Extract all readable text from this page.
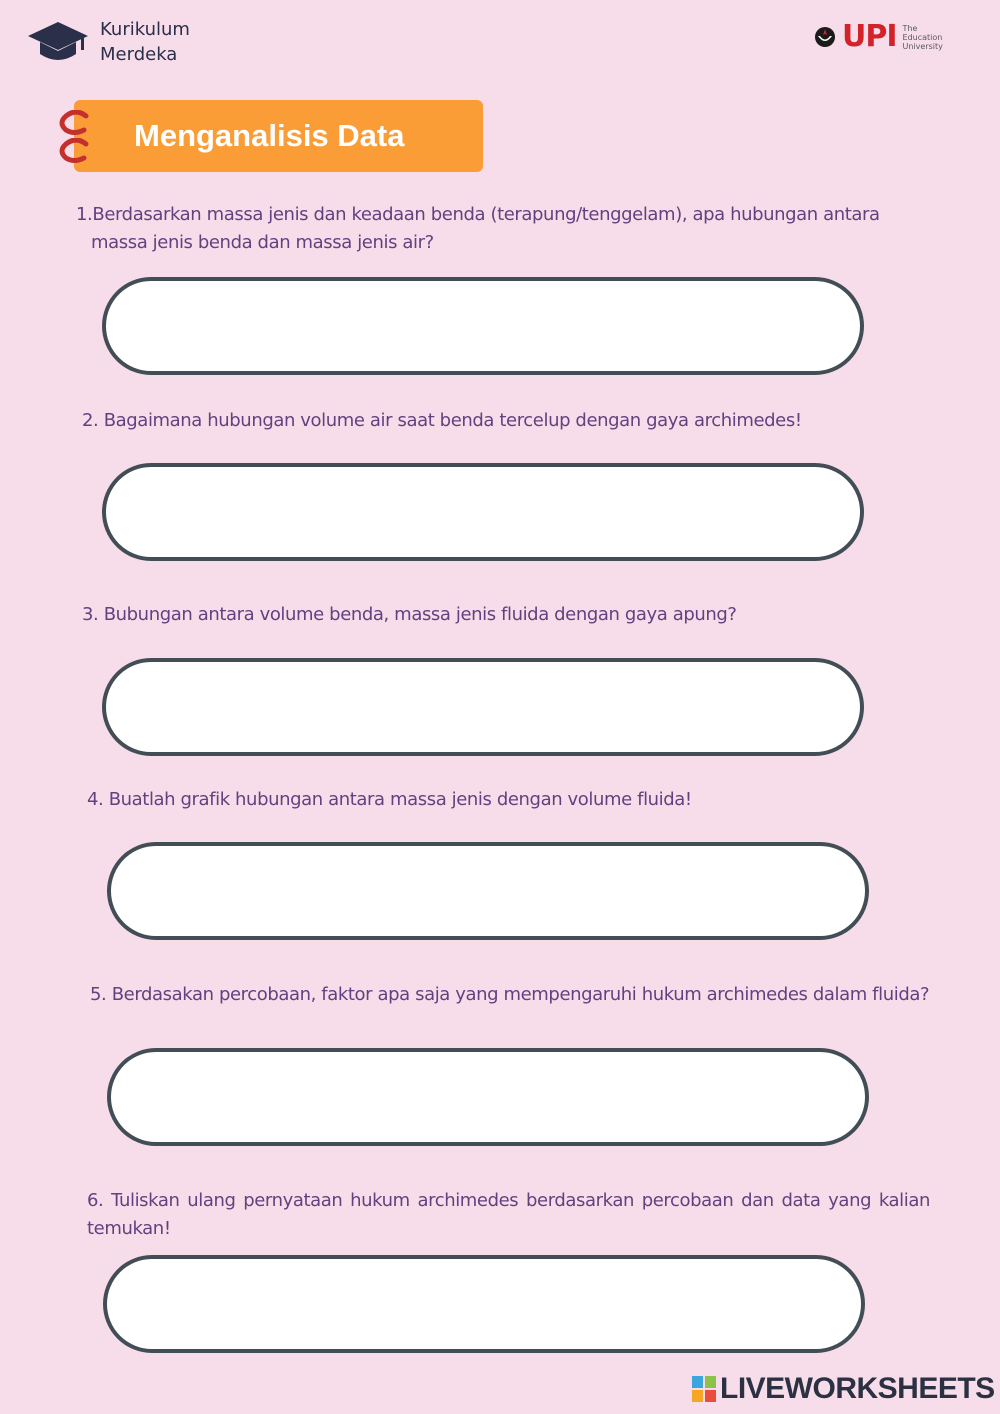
Kurikulum
Merdeka
UPI The
Education
University
Menganalisis Data
1.Berdasarkan massa jenis dan keadaan benda (terapung/tenggelam), apa hubungan antara massa jenis benda dan massa jenis air?
2. Bagaimana hubungan volume air saat benda tercelup dengan gaya archimedes!
3. Bubungan antara volume benda, massa jenis fluida dengan gaya apung?
4. Buatlah grafik hubungan antara massa jenis dengan volume fluida!
5. Berdasakan percobaan, faktor apa saja yang mempengaruhi hukum archimedes dalam fluida?
6. Tuliskan ulang pernyataan hukum archimedes berdasarkan percobaan dan data yang kalian temukan!
LIVEWORKSHEETS
